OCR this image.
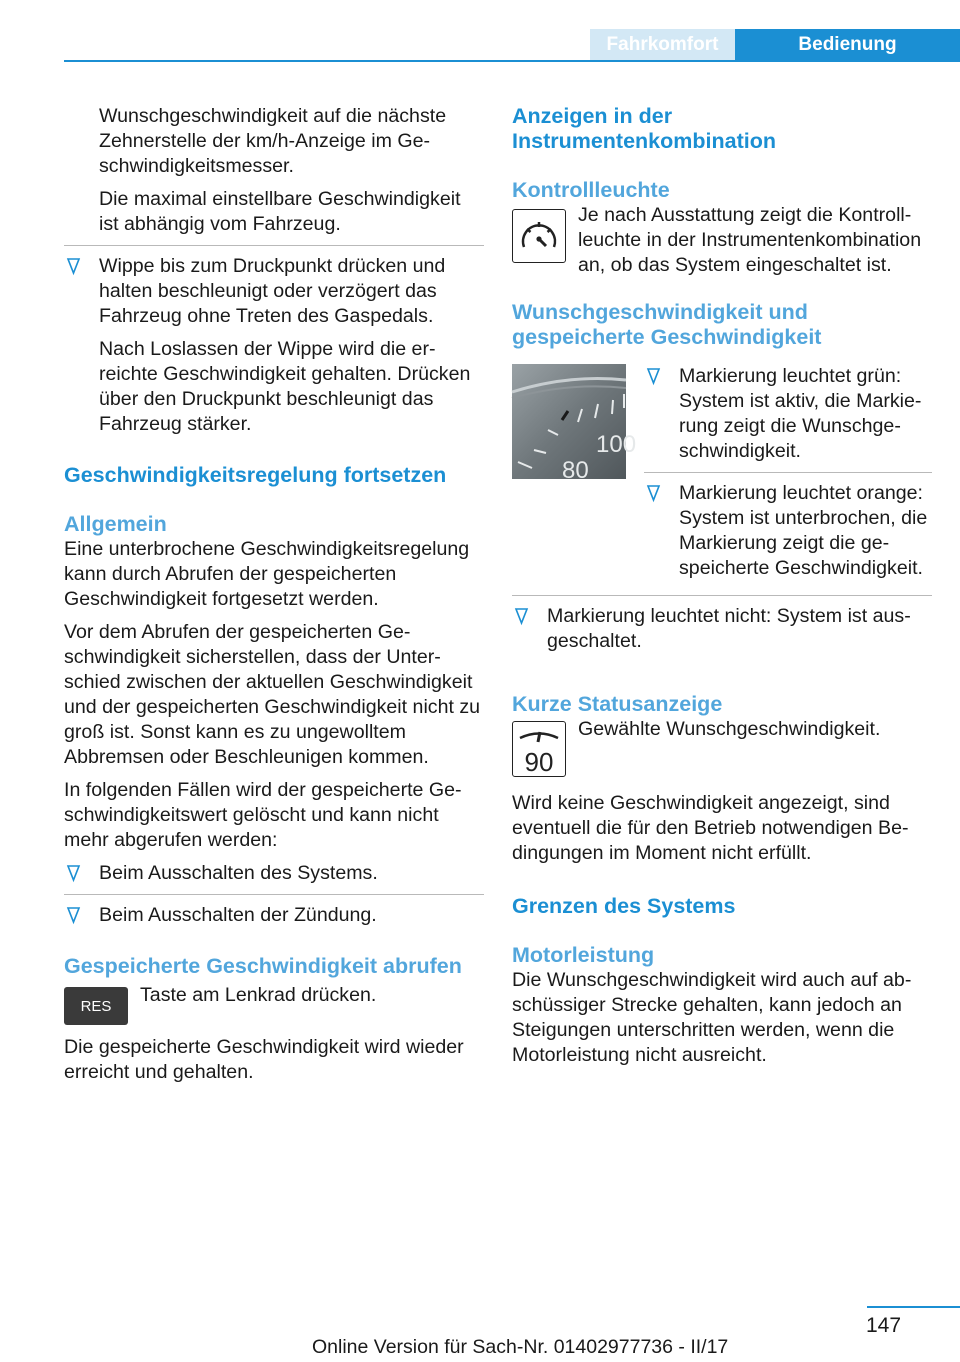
Fahrkomfort	Bedienung

Wunschgeschwindigkeit auf die nächste Zehnerstelle der km/h-Anzeige im Geschwindigkeitsmesser.

Die maximal einstellbare Geschwindigkeit ist abhängig vom Fahrzeug.

Wippe bis zum Druckpunkt drücken und halten beschleunigt oder verzögert das Fahrzeug ohne Treten des Gaspedals.

Nach Loslassen der Wippe wird die erreichte Geschwindigkeit gehalten. Drücken über den Druckpunkt beschleunigt das Fahrzeug stärker.

Geschwindigkeitsregelung fortsetzen
Allgemein

Eine unterbrochene Geschwindigkeitsregelung kann durch Abrufen der gespeicherten Geschwindigkeit fortgesetzt werden.

Vor dem Abrufen der gespeicherten Geschwindigkeit sicherstellen, dass der Unterschied zwischen der aktuellen Geschwindigkeit und der gespeicherten Geschwindigkeit nicht zu groß ist. Sonst kann es zu ungewolltem Abbremsen oder Beschleunigen kommen.

In folgenden Fällen wird der gespeicherte Geschwindigkeitswert gelöscht und kann nicht mehr abgerufen werden:

Beim Ausschalten des Systems.

Beim Ausschalten der Zündung.

Gespeicherte Geschwindigkeit abrufen
RES	Taste am Lenkrad drücken.

Die gespeicherte Geschwindigkeit wird wieder erreicht und gehalten.

Anzeigen in der Instrumentenkombination
Kontrollleuchte

Je nach Ausstattung zeigt die Kontrollleuchte in der Instrumentenkombination an, ob das System eingeschaltet ist.

Wunschgeschwindigkeit und gespeicherte Geschwindigkeit
100
80

Markierung leuchtet grün: System ist aktiv, die Markierung zeigt die Wunschgeschwindigkeit.

Markierung leuchtet orange: System ist unterbrochen, die Markierung zeigt die gespeicherte Geschwindigkeit.

Markierung leuchtet nicht: System ist ausgeschaltet.

Kurze Statusanzeige
90

Gewählte Wunschgeschwindigkeit.

Wird keine Geschwindigkeit angezeigt, sind eventuell die für den Betrieb notwendigen Bedingungen im Moment nicht erfüllt.

Grenzen des Systems
Motorleistung

Die Wunschgeschwindigkeit wird auch auf abschüssiger Strecke gehalten, kann jedoch an Steigungen unterschritten werden, wenn die Motorleistung nicht ausreicht.

147
Online Version für Sach-Nr. 01402977736 - II/17
